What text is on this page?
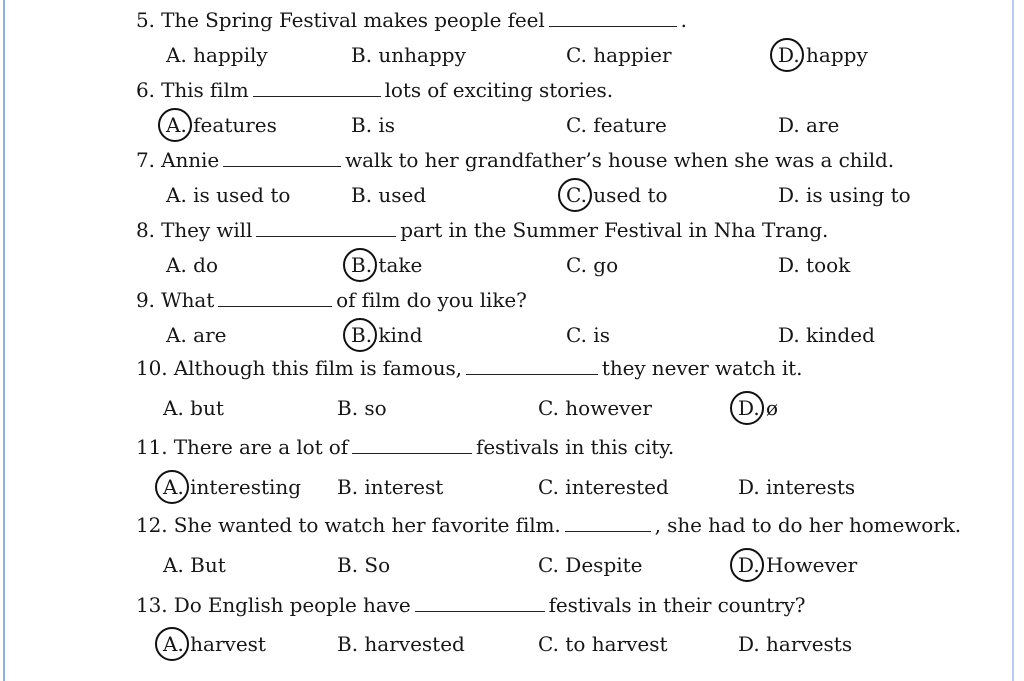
5. The Spring Festival makes people feel	.
A. happily	B. unhappy	C. happier	D. happy
6. This film	lots of exciting stories.
A. features	B. is	C. feature	D. are
7. Annie	walk to her grandfather’s house when she was a child.
A. is used to	B. used	C. used to	D. is using to
8. They will	part in the Summer Festival in Nha Trang.
A. do	B. take	C. go	D. took
9. What	of film do you like?
A. are	B. kind	C. is	D. kinded
10. Although this film is famous,	they never watch it.
A. but	B. so	C. however	D. ø
11. There are a lot of	festivals in this city.
A. interesting B. interest	C. interested	D. interests
12. She wanted to watch her favorite film.	, she had to do her homework.
A. But	B. So	C. Despite	D. However
13. Do English people have	festivals in their country?
A. harvest	B. harvested	C. to harvest	D. harvests
